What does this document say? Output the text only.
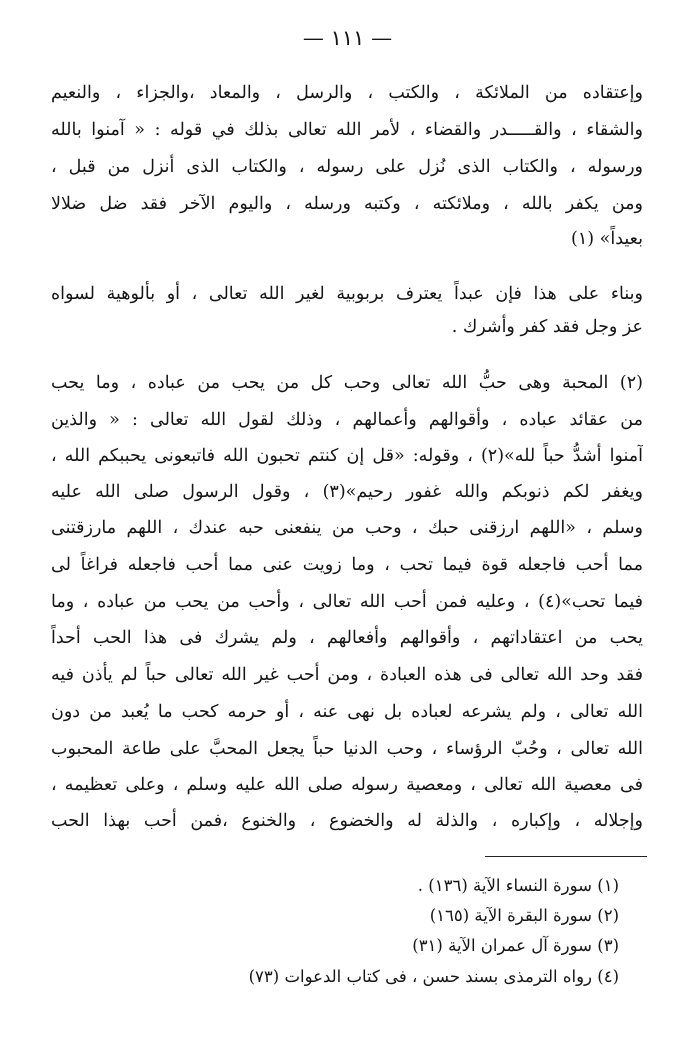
— ١١١ —
وإعتقاده من الملائكة ، والكتب ، والرسل ، والمعاد ،والجزاء ، والنعيم
والشقاء ، والقـــــدر والقضاء ، لأمر الله تعالى بذلك في قوله : « آمنوا بالله
ورسوله ، والكتاب الذى نُزل على رسوله ، والكتاب الذى أنزل من قبل ،
ومن يكفر بالله ، وملائكته ، وكتبه ورسله ، واليوم الآخر فقد ضل ضلالا
بعيداً» (١)
وبناء على هذا فإن عبداً يعترف بربوبية لغير الله تعالى ، أو بألوهية لسواه
عز وجل فقد كفر وأشرك .
(٢) المحبة وهى حبُّ الله تعالى وحب كل من يحب من عباده ، وما يحب
من عقائد عباده ، وأقوالهم وأعمالهم ، وذلك لقول الله تعالى : « والذين
آمنوا أشدُّ حباً لله»(٢) ، وقوله: «قل إن كنتم تحبون الله فاتبعونى يحببكم الله ،
ويغفر لكم ذنوبكم والله غفور رحيم»(٣) ، وقول الرسول صلى الله عليه
وسلم ، «اللهم ارزقنى حبك ، وحب من ينفعنى حبه عندك ، اللهم مارزقتنى
مما أحب فاجعله قوة فيما تحب ، وما زويت عنى مما أحب فاجعله فراغاً لى
فيما تحب»(٤) ، وعليه فمن أحب الله تعالى ، وأحب من يحب من عباده ، وما
يحب من اعتقاداتهم ، وأقوالهم وأفعالهم ، ولم يشرك فى هذا الحب أحداً
فقد وحد الله تعالى فى هذه العبادة ، ومن أحب غير الله تعالى حباً لم يأذن فيه
الله تعالى ، ولم يشرعه لعباده بل نهى عنه ، أو حرمه كحب ما يُعبد من دون
الله تعالى ، وحُبّ الرؤساء ، وحب الدنيا حباً يجعل المحبَّ على طاعة المحبوب
فى معصية الله تعالى ، ومعصية رسوله صلى الله عليه وسلم ، وعلى تعظيمه ،
وإجلاله ، وإكباره ، والذلة له والخضوع ، والخنوع ،فمن أحب بهذا الحب
(١) سورة النساء الآية (١٣٦) .
(٢) سورة البقرة الآية (١٦٥)
(٣) سورة آل عمران الآية (٣١)
(٤) رواه الترمذى بسند حسن ، فى كتاب الدعوات (٧٣)
